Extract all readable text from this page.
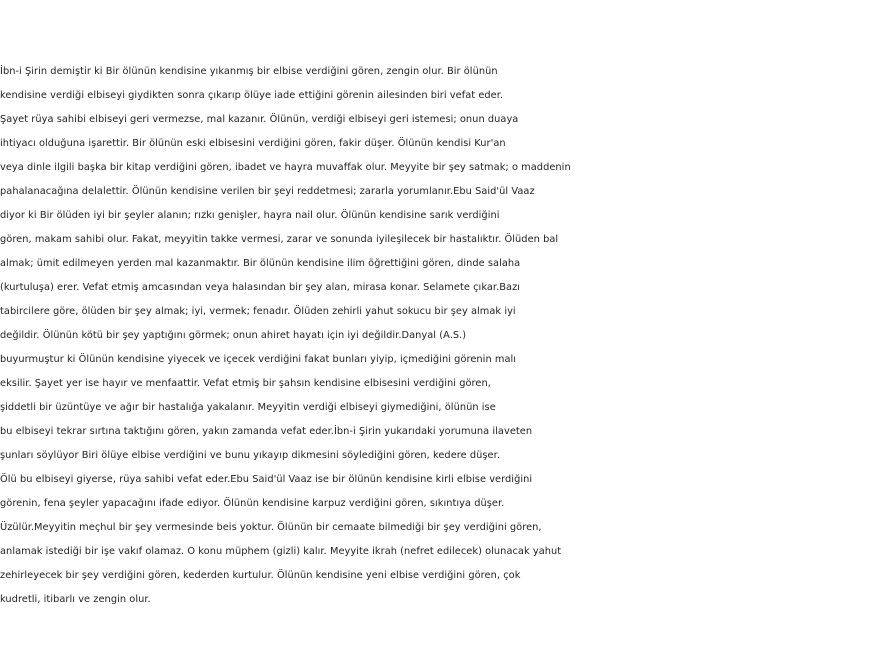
İbn-i Şirin demiştir ki Bir ölünün kendisine yıkanmış bir elbise verdiğini gören, zengin olur. Bir ölünün
kendisine verdiği elbiseyi giydikten sonra çıkarıp ölüye iade ettiğini görenin ailesinden biri vefat eder.
Şayet rüya sahibi elbiseyi geri vermezse, mal kazanır. Ölünün, verdiği elbiseyi geri istemesi; onun duaya
ihtiyacı olduğuna işarettir. Bir ölünün eski elbisesini verdiğini gören, fakir düşer. Ölünün kendisi Kur'an
veya dinle ilgili başka bir kitap verdiğini gören, ibadet ve hayra muvaffak olur. Meyyite bir şey satmak; o maddenin
pahalanacağına delalettir. Ölünün kendisine verilen bir şeyi reddetmesi; zararla yorumlanır.Ebu Said'ül Vaaz
diyor ki Bir ölüden iyi bir şeyler alanın; rızkı genişler, hayra nail olur. Ölünün kendisine sarık verdiğini
gören, makam sahibi olur. Fakat, meyyitin takke vermesi, zarar ve sonunda iyileşilecek bir hastalıktır. Ölüden bal
almak; ümit edilmeyen yerden mal kazanmaktır. Bir ölünün kendisine ilim öğrettiğini gören, dinde salaha
(kurtuluşa) erer. Vefat etmiş amcasından veya halasından bir şey alan, mirasa konar. Selamete çıkar.Bazı
tabircilere göre, ölüden bir şey almak; iyi, vermek; fenadır. Ölüden zehirli yahut sokucu bir şey almak iyi
değildir. Ölünün kötü bir şey yaptığını görmek; onun ahiret hayatı için iyi değildir.Danyal (A.S.)
buyurmuştur ki Ölünün kendisine yiyecek ve içecek verdiğini fakat bunları yiyip, içmediğini görenin malı
eksilir. Şayet yer ise hayır ve menfaattir. Vefat etmiş bir şahsın kendisine elbisesini verdiğini gören,
şiddetli bir üzüntüye ve ağır bir hastalığa yakalanır. Meyyitin verdiği elbiseyi giymediğini, ölünün ise
bu elbiseyi tekrar sırtına taktığını gören, yakın zamanda vefat eder.İbn-i Şirin yukarıdaki yorumuna ilaveten
şunları söylüyor Biri ölüye elbise verdiğini ve bunu yıkayıp dikmesini söylediğini gören, kedere düşer.
Ölü bu elbiseyi giyerse, rüya sahibi vefat eder.Ebu Said'ül Vaaz ise bir ölünün kendisine kirli elbise verdiğini
görenin, fena şeyler yapacağını ifade ediyor. Ölünün kendisine karpuz verdiğini gören, sıkıntıya düşer.
Üzülür.Meyyitin meçhul bir şey vermesinde beis yoktur. Ölünün bir cemaate bilmediği bir şey verdiğini gören,
anlamak istediği bir işe vakıf olamaz. O konu müphem (gizli) kalır. Meyyite ikrah (nefret edilecek) olunacak yahut
zehirleyecek bir şey verdiğini gören, kederden kurtulur. Ölünün kendisine yeni elbise verdiğini gören, çok
kudretli, itibarlı ve zengin olur.
